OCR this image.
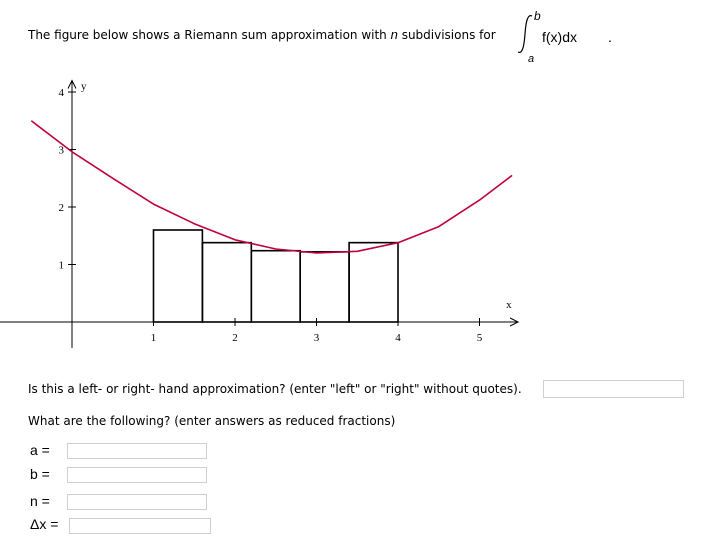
The figure below shows a Riemann sum approximation with n subdivisions for
b
a
f(x)dx .
x
y
1	2	3	4	5
1
2
3
4
Is this a left- or right- hand approximation? (enter "left" or "right" without quotes).
What are the following? (enter answers as reduced fractions)
a =
b =
n =
Δx =
